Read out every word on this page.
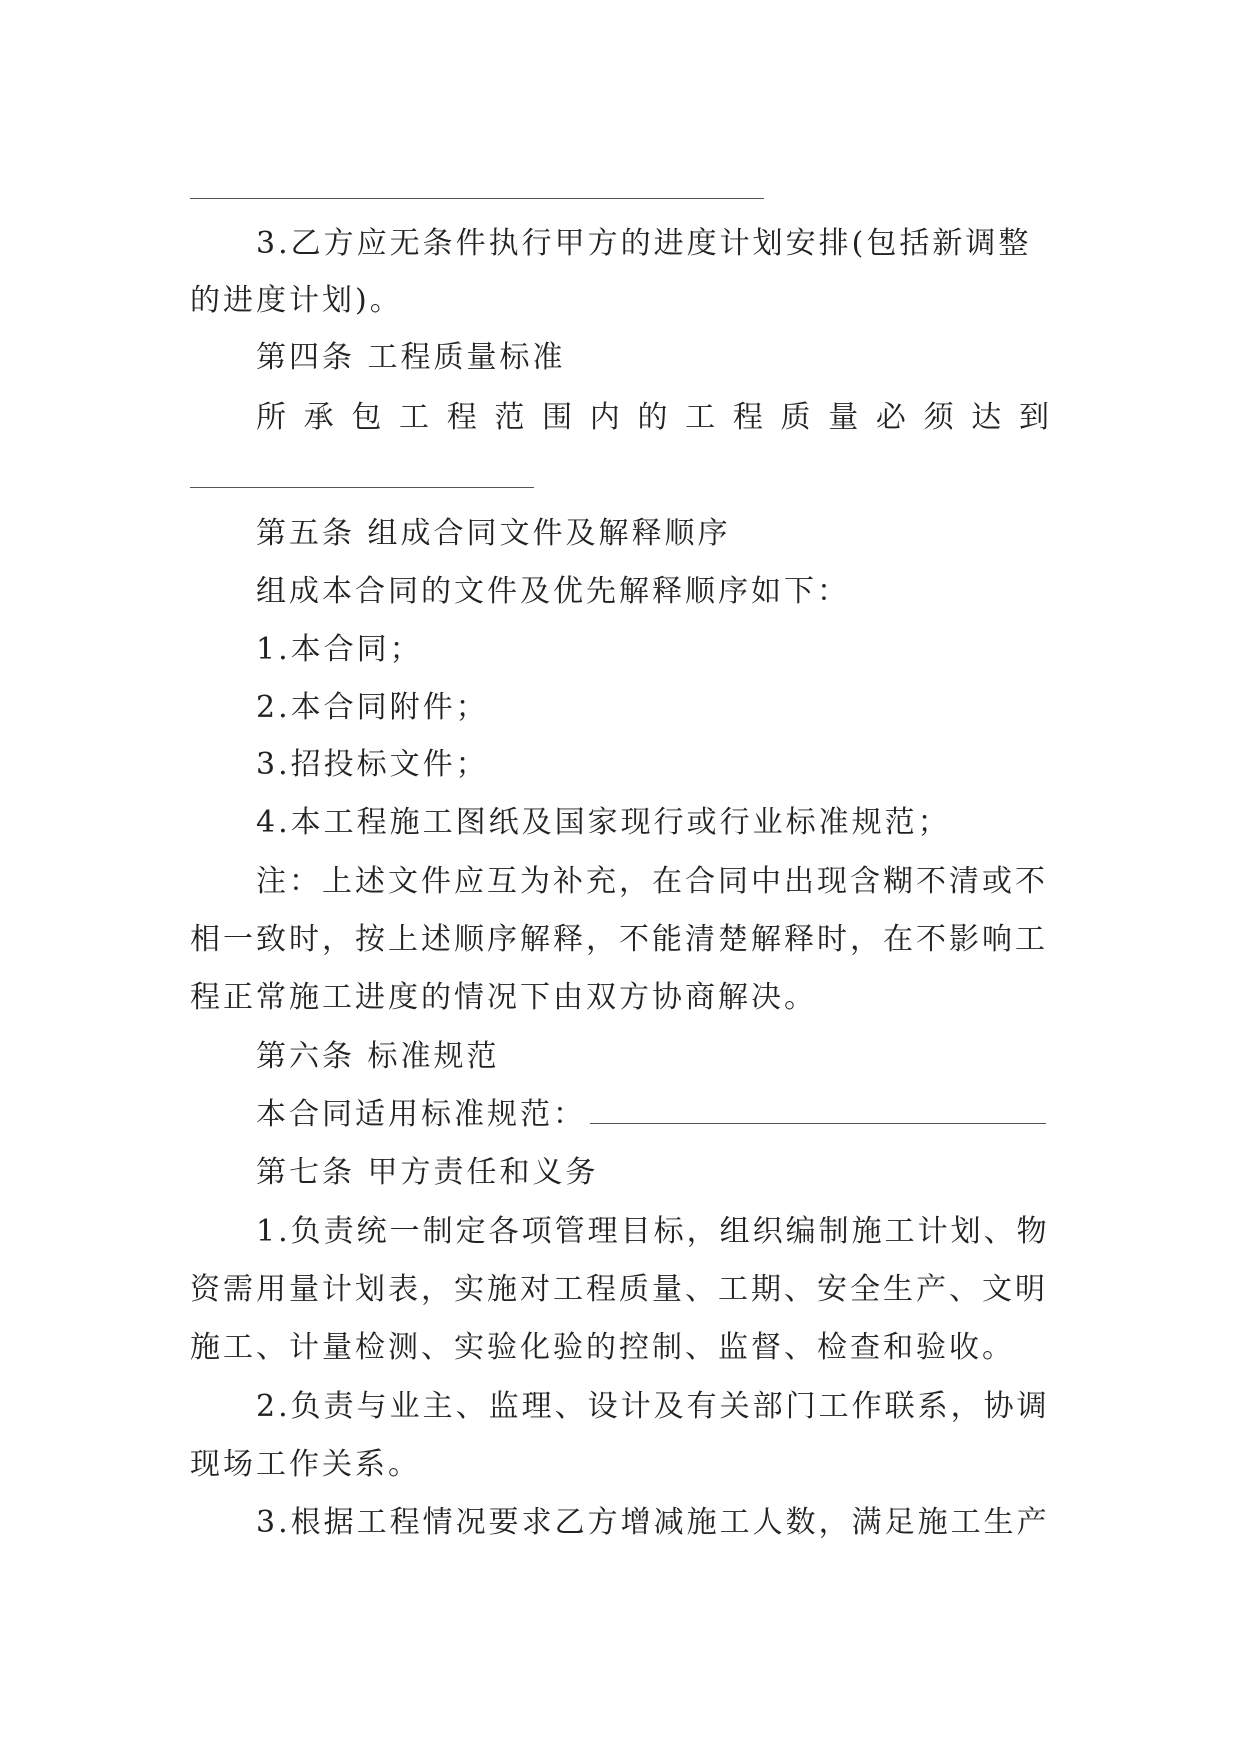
3.乙方应无条件执行甲方的进度计划安排(包括新调整
的进度计划)。
第四条 工程质量标准
所 承 包 工 程 范 围 内 的 工 程 质 量 必 须 达 到
第五条 组成合同文件及解释顺序
组成本合同的文件及优先解释顺序如下：
1.本合同；
2.本合同附件；
3.招投标文件；
4.本工程施工图纸及国家现行或行业标准规范；
注：上述文件应互为补充，在合同中出现含糊不清或不
相一致时，按上述顺序解释，不能清楚解释时，在不影响工
程正常施工进度的情况下由双方协商解决。
第六条 标准规范
本合同适用标准规范：
第七条 甲方责任和义务
1.负责统一制定各项管理目标，组织编制施工计划、物
资需用量计划表，实施对工程质量、工期、安全生产、文明
施工、计量检测、实验化验的控制、监督、检查和验收。
2.负责与业主、监理、设计及有关部门工作联系，协调
现场工作关系。
3.根据工程情况要求乙方增减施工人数，满足施工生产
